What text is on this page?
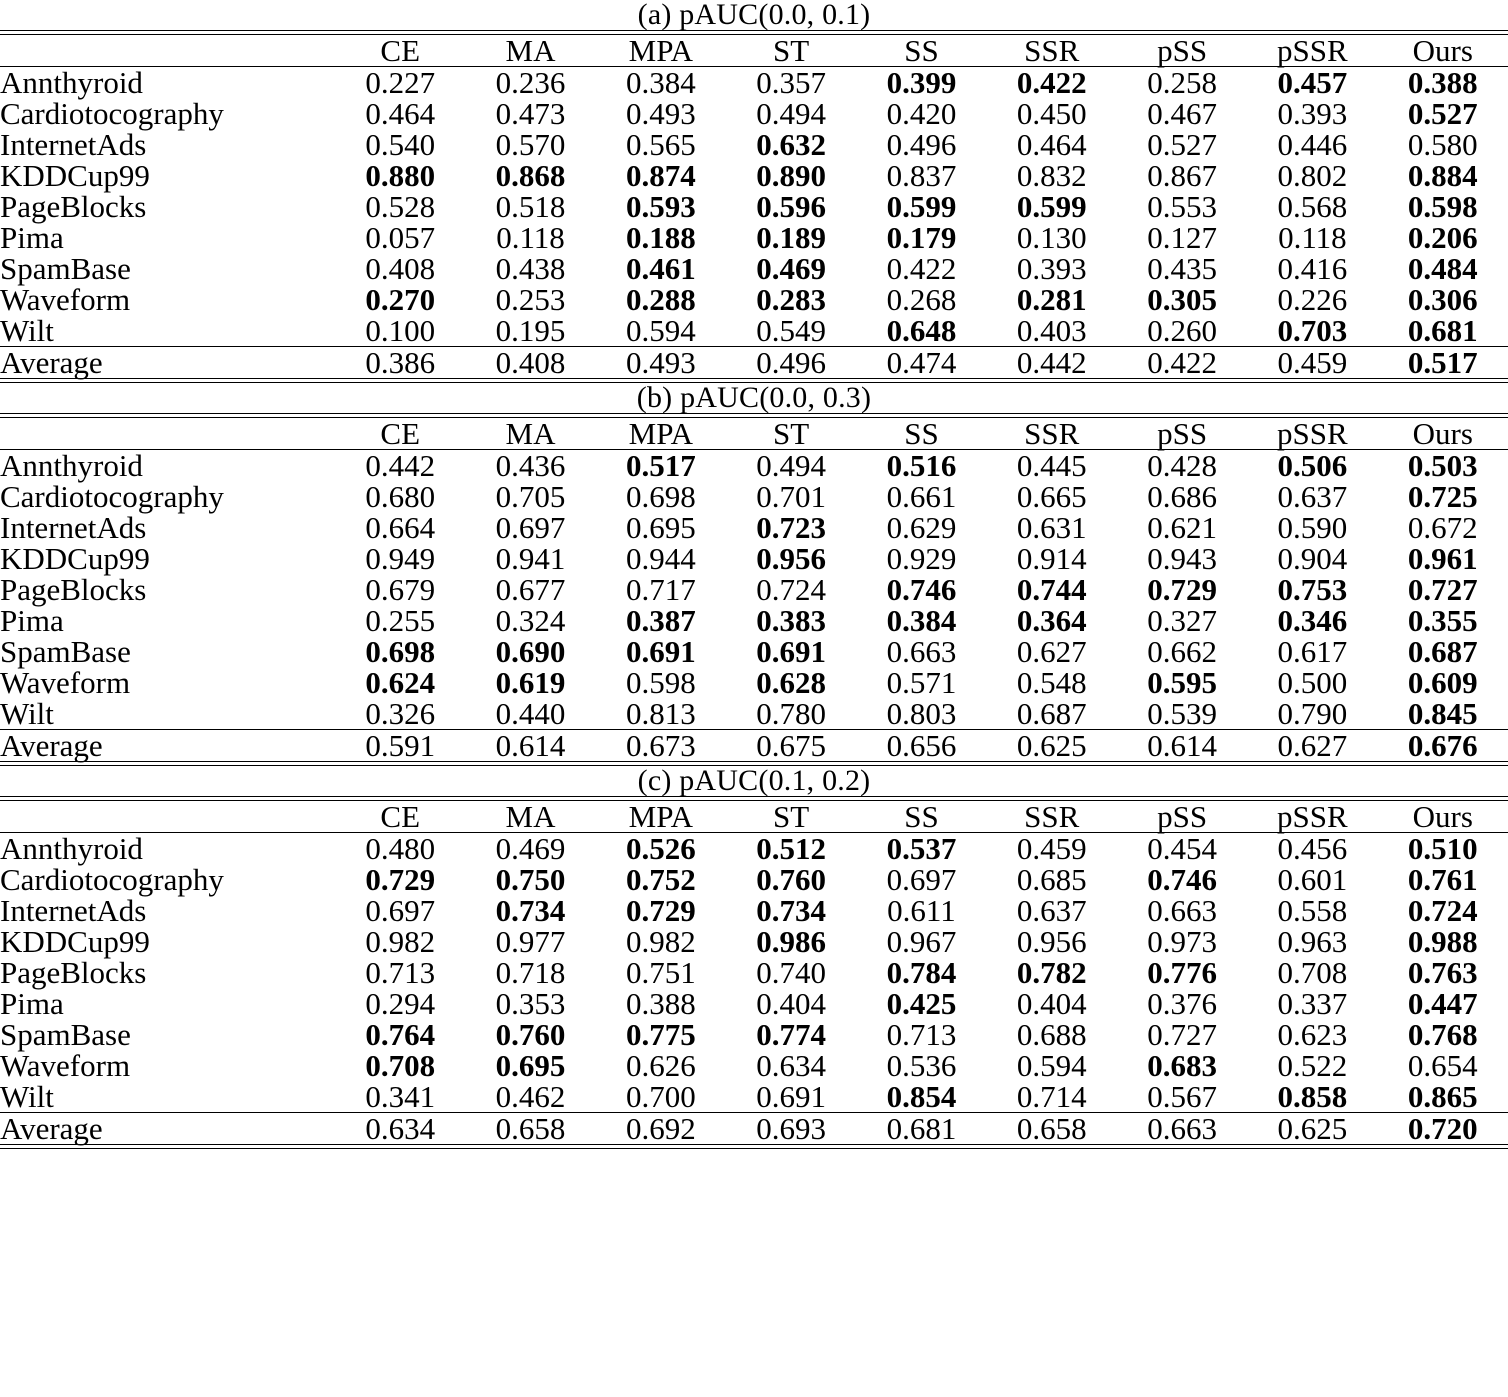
(a) pAUC(0.0, 0.1)									

	CE	MA	MPA	ST	SS	SSR	pSS	pSSR	Ours

Annthyroid	0.227	0.236	0.384	0.357	0.399	0.422	0.258	0.457	0.388
Cardiotocography	0.464	0.473	0.493	0.494	0.420	0.450	0.467	0.393	0.527
InternetAds	0.540	0.570	0.565	0.632	0.496	0.464	0.527	0.446	0.580
KDDCup99	0.880	0.868	0.874	0.890	0.837	0.832	0.867	0.802	0.884
PageBlocks	0.528	0.518	0.593	0.596	0.599	0.599	0.553	0.568	0.598
Pima	0.057	0.118	0.188	0.189	0.179	0.130	0.127	0.118	0.206
SpamBase	0.408	0.438	0.461	0.469	0.422	0.393	0.435	0.416	0.484
Waveform	0.270	0.253	0.288	0.283	0.268	0.281	0.305	0.226	0.306
Wilt	0.100	0.195	0.594	0.549	0.648	0.403	0.260	0.703	0.681

Average	0.386	0.408	0.493	0.496	0.474	0.442	0.422	0.459	0.517

(b) pAUC(0.0, 0.3)									

	CE	MA	MPA	ST	SS	SSR	pSS	pSSR	Ours

Annthyroid	0.442	0.436	0.517	0.494	0.516	0.445	0.428	0.506	0.503
Cardiotocography	0.680	0.705	0.698	0.701	0.661	0.665	0.686	0.637	0.725
InternetAds	0.664	0.697	0.695	0.723	0.629	0.631	0.621	0.590	0.672
KDDCup99	0.949	0.941	0.944	0.956	0.929	0.914	0.943	0.904	0.961
PageBlocks	0.679	0.677	0.717	0.724	0.746	0.744	0.729	0.753	0.727
Pima	0.255	0.324	0.387	0.383	0.384	0.364	0.327	0.346	0.355
SpamBase	0.698	0.690	0.691	0.691	0.663	0.627	0.662	0.617	0.687
Waveform	0.624	0.619	0.598	0.628	0.571	0.548	0.595	0.500	0.609
Wilt	0.326	0.440	0.813	0.780	0.803	0.687	0.539	0.790	0.845

Average	0.591	0.614	0.673	0.675	0.656	0.625	0.614	0.627	0.676

(c) pAUC(0.1, 0.2)									

	CE	MA	MPA	ST	SS	SSR	pSS	pSSR	Ours

Annthyroid	0.480	0.469	0.526	0.512	0.537	0.459	0.454	0.456	0.510
Cardiotocography	0.729	0.750	0.752	0.760	0.697	0.685	0.746	0.601	0.761
InternetAds	0.697	0.734	0.729	0.734	0.611	0.637	0.663	0.558	0.724
KDDCup99	0.982	0.977	0.982	0.986	0.967	0.956	0.973	0.963	0.988
PageBlocks	0.713	0.718	0.751	0.740	0.784	0.782	0.776	0.708	0.763
Pima	0.294	0.353	0.388	0.404	0.425	0.404	0.376	0.337	0.447
SpamBase	0.764	0.760	0.775	0.774	0.713	0.688	0.727	0.623	0.768
Waveform	0.708	0.695	0.626	0.634	0.536	0.594	0.683	0.522	0.654
Wilt	0.341	0.462	0.700	0.691	0.854	0.714	0.567	0.858	0.865

Average	0.634	0.658	0.692	0.693	0.681	0.658	0.663	0.625	0.720
